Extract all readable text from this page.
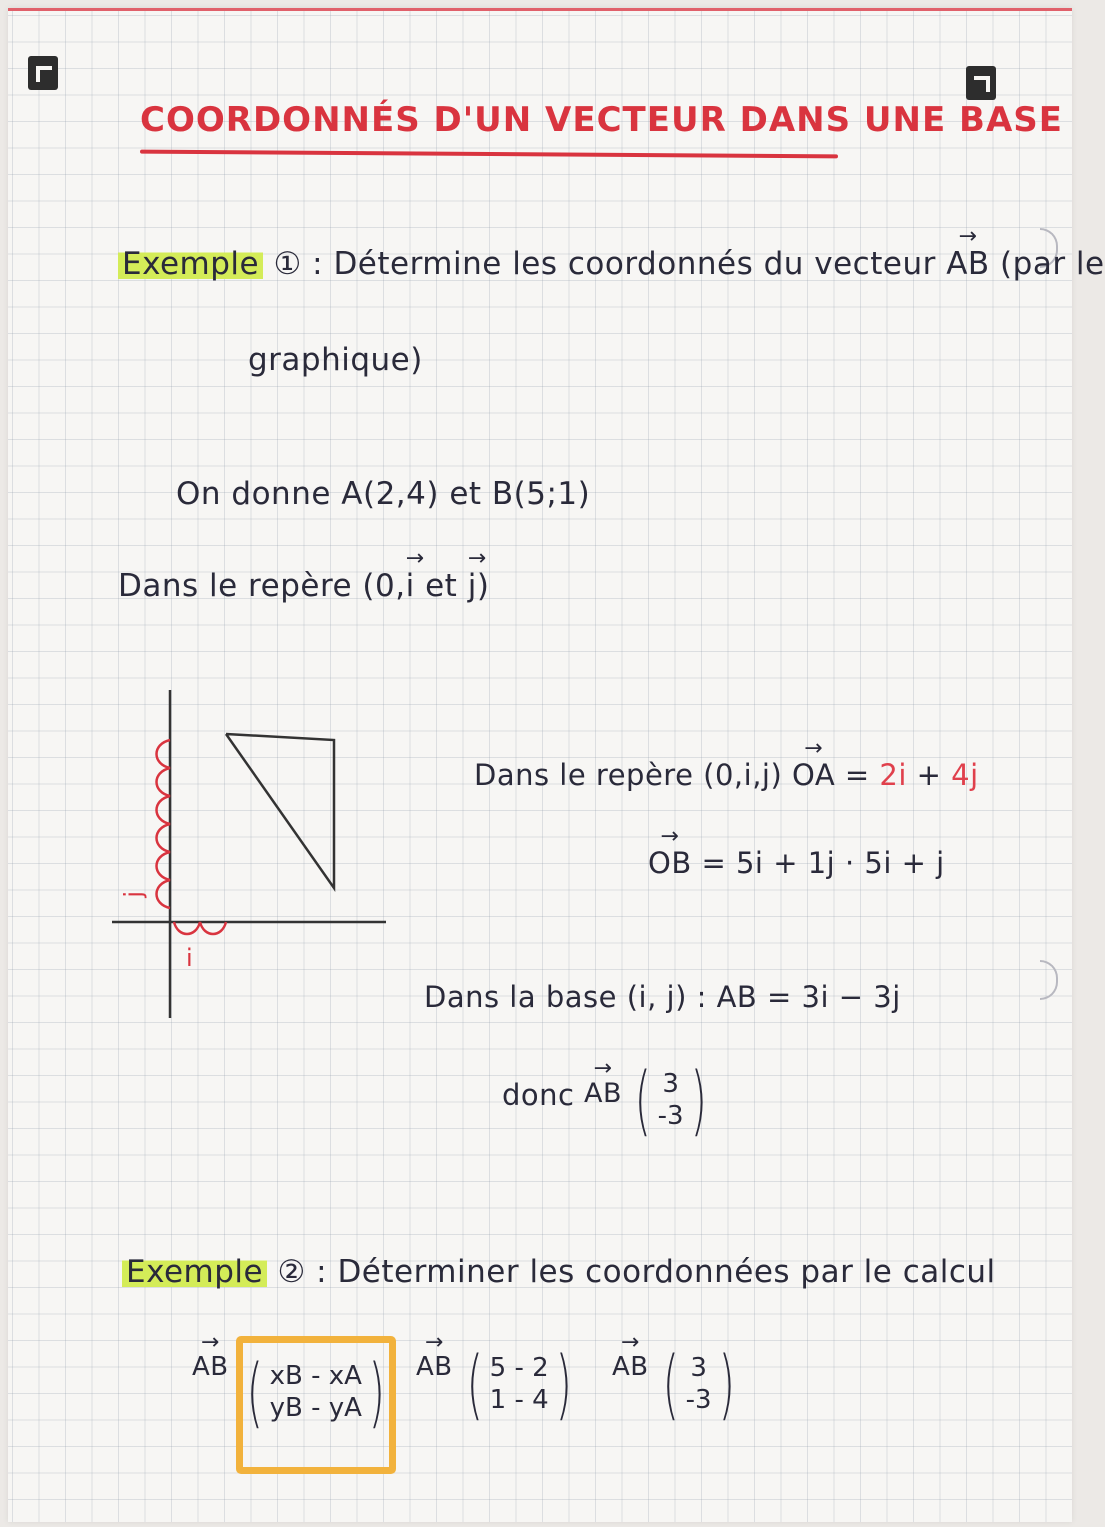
COORDONNÉS D'UN VECTEUR DANS UNE BASE
Exemple ① : Détermine les coordonnés du vecteur → AB (par le
graphique)
On donne A(2,4) et B(5;1)
Dans le repère (0,→ i et → j)
j
i
Dans le repère (0,i,j) → OA = 2i + 4j
→ OB = 5i + 1j · 5i + j
Dans la base (i, j) : AB = 3i − 3j
donc → AB ( 3
-3 )
Exemple ② : Déterminer les coordonnées par le calcul
→ AB ( xB - xA
yB - yA ) → AB ( 5 - 2
1 - 4 ) → AB ( 3
-3 )
